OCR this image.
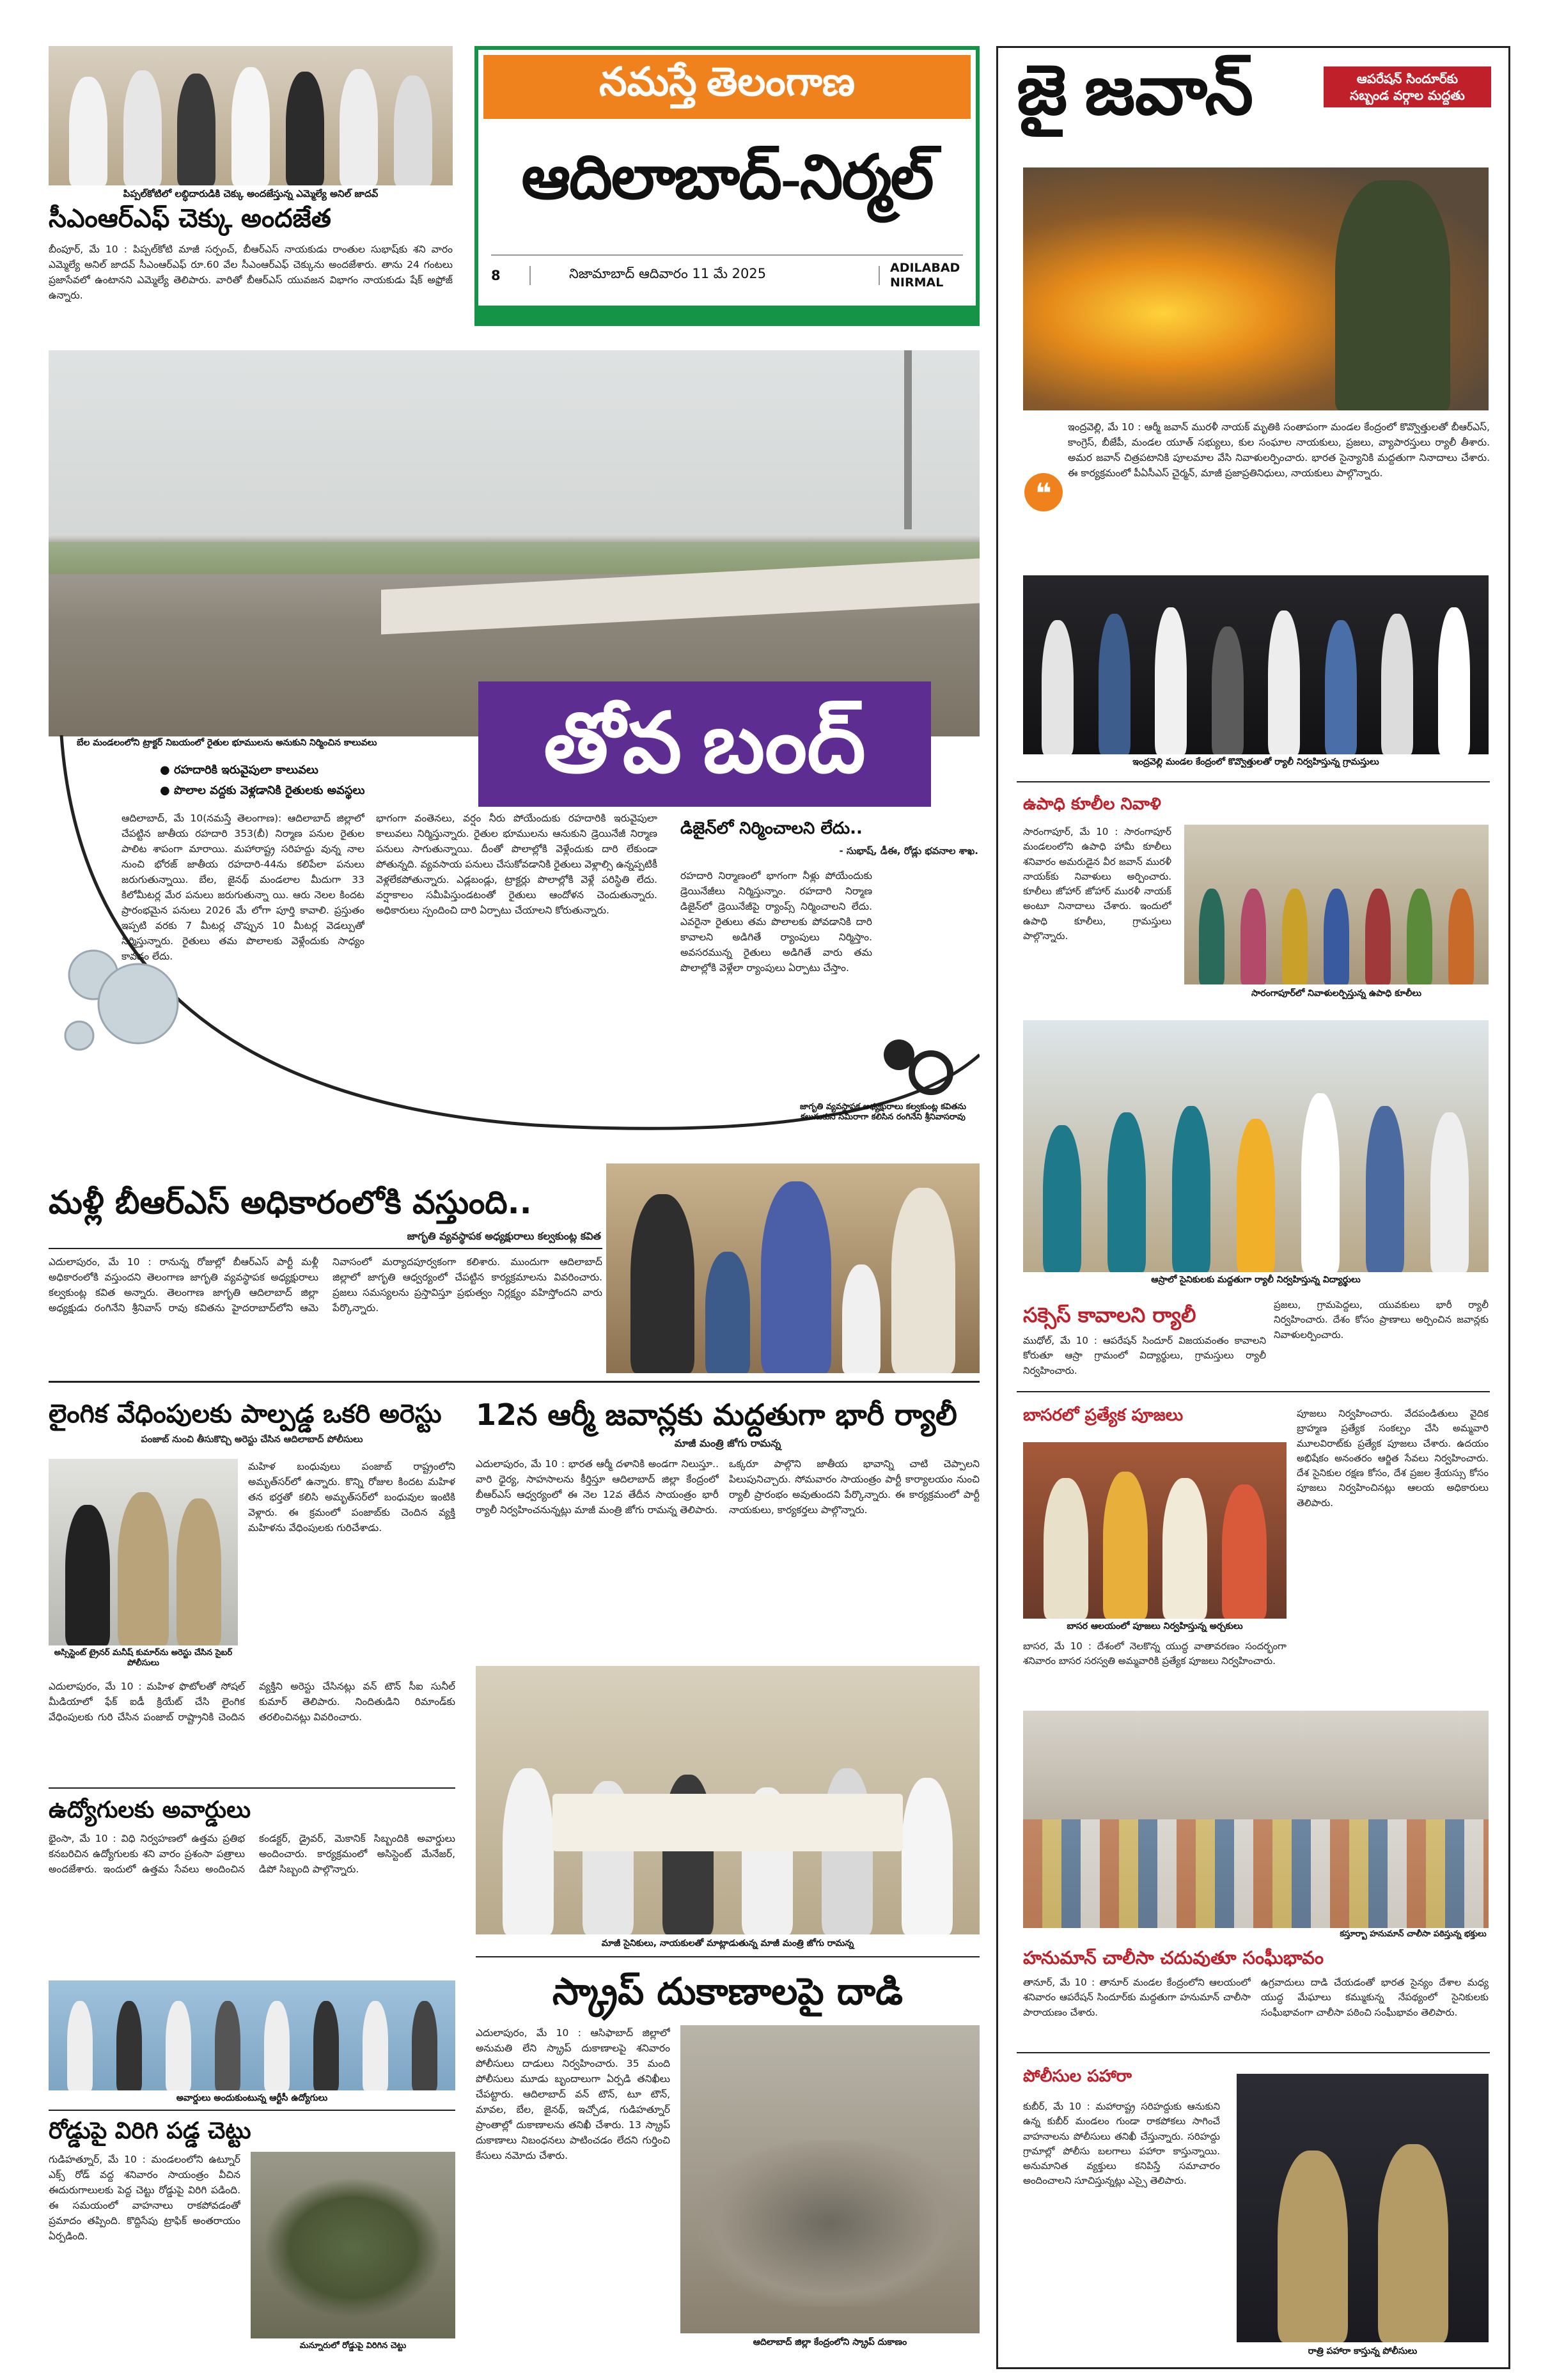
నమస్తే తెలంగాణ
ఆదిలాబాద్-నిర్మల్
8	నిజామాబాద్ ఆదివారం 11 మే 2025	ADILABAD
NIRMAL
పిప్పల్‌కోటిలో లబ్ధిదారుడికి చెక్కు అందజేస్తున్న ఎమ్మెల్యే అనిల్ జాదవ్
సీఎంఆర్‌ఎఫ్ చెక్కు అందజేత
బీంపూర్, మే 10 : పిప్పల్‌కోటి మాజీ సర్పంచ్, బీఆర్‌ఎస్ నాయకుడు రాంతుల సుభాష్‌కు శని వారం ఎమ్మెల్యే అనిల్ జాదవ్ సీఎంఆర్‌ఎఫ్ రూ.60 వేల సీఎంఆర్‌ఎఫ్ చెక్కును అందజేశారు. తాను 24 గంటలు ప్రజాసేవలో ఉంటానని ఎమ్మెల్యే తెలిపారు. వారితో బీఆర్‌ఎస్ యువజన విభాగం నాయకుడు షేక్ అఫ్రోజ్ ఉన్నారు.
బేల మండలంలోని ట్రాక్టర్ నిబయంలో రైతుల భూములను అనుకుని నిర్మించిన కాలువలు	తోవ బంద్
● రహదారికి ఇరువైపులా కాలువలు
● పొలాల వద్దకు వెళ్లడానికి రైతులకు అవస్థలు
ఆదిలాబాద్, మే 10(నమస్తే తెలంగాణ): ఆదిలాబాద్ జిల్లాలో చేపట్టిన జాతీయ రహదారి 353(బీ) నిర్మాణ పనుల రైతుల పాలిట శాపంగా మారాయి. మహారాష్ట్ర సరిహద్దు వున్న నాల నుంచి భోరజ్ జాతీయ రహదారి-44ను కలిపేలా పనులు జరుగుతున్నాయి. బేల, జైనథ్ మండలాల మీదుగా 33 కిలోమీటర్ల మేర పనులు జరుగుతున్నా యి. ఆరు నెలల కిందట ప్రారంభమైన పనులు 2026 మే లోగా పూర్తి కావాలి. ప్రస్తుతం ఇప్పటి వరకు 7 మీటర్ల చొప్పున 10 మీటర్ల వెడల్పుతో నిర్మిస్తున్నారు. రైతులు తమ పొలాలకు వెళ్లేందుకు సాధ్యం కావడం లేదు.
భాగంగా వంతెనలు, వర్షం నీరు పోయేందుకు రహదారికి ఇరువైపులా కాలువలు నిర్మిస్తున్నారు. రైతుల భూములను ఆనుకుని డ్రెయినేజీ నిర్మాణ పనులు సాగుతున్నాయి. దీంతో పొలాల్లోకి వెళ్లేందుకు దారి లేకుండా పోతున్నది. వ్యవసాయ పనులు చేసుకోవడానికి రైతులు వెళ్లాల్సి ఉన్నప్పటికీ వెళ్లలేకపోతున్నారు. ఎడ్లబండ్లు, ట్రాక్టర్లు పొలాల్లోకి వెళ్లే పరిస్థితి లేదు. వర్షాకాలం సమీపిస్తుండటంతో రైతులు ఆందోళన చెందుతున్నారు. అధికారులు స్పందించి దారి ఏర్పాటు చేయాలని కోరుతున్నారు.
డిజైన్‌లో నిర్మించాలని లేదు..
- సుభాష్, డీఈ, రోడ్లు భవనాల శాఖ.
రహదారి నిర్మాణంలో భాగంగా నీళ్లు పోయేందుకు డ్రెయినేజీలు నిర్మిస్తున్నాం. రహదారి నిర్మాణ డిజైన్‌లో డ్రెయినేజీపై ర్యాంప్స్ నిర్మించాలని లేదు. ఎవరైనా రైతులు తమ పొలాలకు పోవడానికి దారి కావాలని అడిగితే ర్యాంపులు నిర్మిస్తాం. అవసరమున్న రైతులు అడిగితే వారు తమ పొలాల్లోకి వెళ్లేలా ర్యాంపులు ఏర్పాటు చేస్తాం.
జాగృతి వ్యవస్థాపక అధ్యక్షురాలు కల్వకుంట్ల కవితను కలుసుకుని సమీరాగా కలిసిన రంగినేని శ్రీనివాసరావు
మళ్లీ బీఆర్‌ఎస్ అధికారంలోకి వస్తుంది..
జాగృతి వ్యవస్థాపక అధ్యక్షురాలు కల్వకుంట్ల కవిత
ఎదులాపురం, మే 10 : రానున్న రోజుల్లో బీఆర్‌ఎస్ పార్టీ మళ్లీ అధికారంలోకి వస్తుందని తెలంగాణ జాగృతి వ్యవస్థాపక అధ్యక్షురాలు కల్వకుంట్ల కవిత అన్నారు. తెలంగాణ జాగృతి ఆదిలాబాద్ జిల్లా అధ్యక్షుడు రంగినేని శ్రీనివాస్ రావు కవితను హైదరాబాద్‌లోని ఆమె నివాసంలో మర్యాదపూర్వకంగా కలిశారు. ముందుగా ఆదిలాబాద్ జిల్లాలో జాగృతి ఆధ్వర్యంలో చేపట్టిన కార్యక్రమాలను వివరించారు. ప్రజలు సమస్యలను ప్రస్తావిస్తూ ప్రభుత్వం నిర్లక్ష్యం వహిస్తోందని వారు పేర్కొన్నారు.
లైంగిక వేధింపులకు పాల్పడ్డ ఒకరి అరెస్టు
పంజాబ్ నుంచి తీసుకొచ్చి అరెస్టు చేసిన ఆదిలాబాద్ పోలీసులు
అస్సిస్టెంట్ ట్రైనర్ మనీష్ కుమార్‌ను అరెస్టు చేసిన సైబర్ పోలీసులు
మహిళ బంధువులు పంజాబ్ రాష్ట్రంలోని అమృత్‌సర్‌లో ఉన్నారు. కొన్ని రోజుల కిందట మహిళ తన భర్తతో కలిసి అమృత్‌సర్‌లో బంధువుల ఇంటికి వెళ్లారు. ఈ క్రమంలో పంజాబ్‌కు చెందిన వ్యక్తి మహిళను వేధింపులకు గురిచేశాడు.
ఎదులాపురం, మే 10 : మహిళ ఫొటోలతో సోషల్ మీడియాలో ఫేక్ ఐడీ క్రియేట్ చేసి లైంగిక వేధింపులకు గురి చేసిన పంజాబ్ రాష్ట్రానికి చెందిన వ్యక్తిని అరెస్టు చేసినట్లు వన్ టౌన్ సీఐ సునీల్ కుమార్ తెలిపారు. నిందితుడిని రిమాండ్‌కు తరలించినట్లు వివరించారు.
ఉద్యోగులకు అవార్డులు
భైంసా, మే 10 : విధి నిర్వహణలో ఉత్తమ ప్రతిభ కనబరిచిన ఉద్యోగులకు శని వారం ప్రశంసా పత్రాలు అందజేశారు. ఇందులో ఉత్తమ సేవలు అందించిన కండక్టర్, డ్రైవర్, మెకానిక్ సిబ్బందికి అవార్డులు అందించారు. కార్యక్రమంలో అసిస్టెంట్ మేనేజర్, డిపో సిబ్బంది పాల్గొన్నారు.
అవార్డులు అందుకుంటున్న ఆర్టీసీ ఉద్యోగులు
రోడ్డుపై విరిగి పడ్డ చెట్టు
గుడిహత్నూర్, మే 10 : మండలంలోని ఉట్నూర్ ఎక్స్ రోడ్ వద్ద శనివారం సాయంత్రం వీచిన ఈదురుగాలులకు పెద్ద చెట్టు రోడ్డుపై విరిగి పడింది. ఈ సమయంలో వాహనాలు రాకపోవడంతో ప్రమాదం తప్పింది. కొద్దిసేపు ట్రాఫిక్ అంతరాయం ఏర్పడింది.
మన్నూరులో రోడ్డుపై విరిగిన చెట్టు
12న ఆర్మీ జవాన్లకు మద్దతుగా భారీ ర్యాలీ
మాజీ మంత్రి జోగు రామన్న
ఎదులాపురం, మే 10 : భారత ఆర్మీ దళానికి అండగా నిలుస్తూ.. వారి ధైర్య, సాహసాలను కీర్తిస్తూ ఆదిలాబాద్ జిల్లా కేంద్రంలో బీఆర్‌ఎస్ ఆధ్వర్యంలో ఈ నెల 12వ తేదీన సాయంత్రం భారీ ర్యాలీ నిర్వహించనున్నట్లు మాజీ మంత్రి జోగు రామన్న తెలిపారు.
ఒక్కరూ పాల్గొని జాతీయ భావాన్ని చాటి చెప్పాలని పిలుపునిచ్చారు. సోమవారం సాయంత్రం పార్టీ కార్యాలయం నుంచి ర్యాలీ ప్రారంభం అవుతుందని పేర్కొన్నారు. ఈ కార్యక్రమంలో పార్టీ నాయకులు, కార్యకర్తలు పాల్గొన్నారు.
మాజీ సైనికులు, నాయకులతో మాట్లాడుతున్న మాజీ మంత్రి జోగు రామన్న
స్క్రాప్ దుకాణాలపై దాడి
ఎదులాపురం, మే 10 : ఆసిఫాబాద్ జిల్లాలో అనుమతి లేని స్క్రాప్ దుకాణాలపై శనివారం పోలీసులు దాడులు నిర్వహించారు. 35 మంది పోలీసులు మూడు బృందాలుగా ఏర్పడి తనిఖీలు చేపట్టారు. ఆదిలాబాద్ వన్ టౌన్, టూ టౌన్, మావల, బేల, జైనథ్, ఇచ్చోడ, గుడిహత్నూర్ ప్రాంతాల్లో దుకాణాలను తనిఖీ చేశారు. 13 స్క్రాప్ దుకాణాలు నిబంధనలు పాటించడం లేదని గుర్తించి కేసులు నమోదు చేశారు.
ఆదిలాబాద్ జిల్లా కేంద్రంలోని స్క్రాప్ దుకాణం
జై జవాన్	ఆపరేషన్ సిందూర్‌కు
సబ్బండ వర్గాల మద్దతు
❝
ఇంద్రవెల్లి, మే 10 : ఆర్మీ జవాన్ మురళీ నాయక్ మృతికి సంతాపంగా మండల కేంద్రంలో కొవ్వొత్తులతో బీఆర్‌ఎస్, కాంగ్రెస్, బీజేపీ, మండల యూత్ సభ్యులు, కుల సంఘాల నాయకులు, ప్రజలు, వ్యాపారస్తులు ర్యాలీ తీశారు. అమర జవాన్ చిత్రపటానికి పూలమాల వేసి నివాళులర్పించారు. భారత సైన్యానికి మద్దతుగా నినాదాలు చేశారు. ఈ కార్యక్రమంలో పీఏసీఎస్ చైర్మన్, మాజీ ప్రజాప్రతినిధులు, నాయకులు పాల్గొన్నారు.
ఇంద్రవెల్లి మండల కేంద్రంలో కొవ్వొత్తులతో ర్యాలీ నిర్వహిస్తున్న గ్రామస్తులు
ఉపాధి కూలీల నివాళి
సారంగాపూర్, మే 10 : సారంగాపూర్ మండలంలోని ఉపాధి హామీ కూలీలు శనివారం అమరుడైన వీర జవాన్ మురళీ నాయక్‌కు నివాళులు అర్పించారు. కూలీలు జోహార్ జోహార్ మురళీ నాయక్ అంటూ నినాదాలు చేశారు. ఇందులో ఉపాధి కూలీలు, గ్రామస్తులు పాల్గొన్నారు.
సారంగాపూర్‌లో నివాళులర్పిస్తున్న ఉపాధి కూలీలు
ఆస్రాలో సైనికులకు మద్దతుగా ర్యాలీ నిర్వహిస్తున్న విద్యార్థులు
సక్సెస్ కావాలని ర్యాలీ
ముధోల్, మే 10 : ఆపరేషన్ సిందూర్ విజయవంతం కావాలని కోరుతూ ఆస్రా గ్రామంలో విద్యార్థులు, గ్రామస్తులు ర్యాలీ నిర్వహించారు.
ప్రజలు, గ్రామపెద్దలు, యువకులు భారీ ర్యాలీ నిర్వహించారు. దేశం కోసం ప్రాణాలు అర్పించిన జవాన్లకు నివాళులర్పించారు.
బాసరలో ప్రత్యేక పూజలు
బాసర ఆలయంలో పూజలు నిర్వహిస్తున్న అర్చకులు
బాసర, మే 10 : దేశంలో నెలకొన్న యుద్ధ వాతావరణం సందర్భంగా శనివారం బాసర సరస్వతి అమ్మవారికి ప్రత్యేక పూజలు నిర్వహించారు.
పూజలు నిర్వహించారు. వేదపండితులు వైదిక బ్రాహ్మణ ప్రత్యేక సంకల్పం చేసి అమ్మవారి మూలవిరాట్‌కు ప్రత్యేక పూజలు చేశారు. ఉదయం అభిషేకం అనంతరం ఆర్జిత సేవలు నిర్వహించారు. దేశ సైనికుల రక్షణ కోసం, దేశ ప్రజల శ్రేయస్సు కోసం పూజలు నిర్వహించినట్లు ఆలయ అధికారులు తెలిపారు.
కస్తూర్బా హనుమాన్ చాలీసా పఠిస్తున్న భక్తులు
హనుమాన్ చాలీసా చదువుతూ సంఘీభావం
తానూర్, మే 10 : తానూర్ మండల కేంద్రంలోని ఆలయంలో శనివారం ఆపరేషన్ సిందూర్‌కు మద్దతుగా హనుమాన్ చాలీసా పారాయణం చేశారు.
ఉగ్రవాదులు దాడి చేయడంతో భారత సైన్యం దేశాల మధ్య యుద్ధ మేఘాలు కమ్ముకున్న నేపథ్యంలో సైనికులకు సంఘీభావంగా చాలీసా పఠించి సంఘీభావం తెలిపారు.
పోలీసుల పహారా
కుబీర్, మే 10 : మహారాష్ట్ర సరిహద్దుకు ఆనుకుని ఉన్న కుబీర్ మండలం గుండా రాకపోకలు సాగించే వాహనాలను పోలీసులు తనిఖీ చేస్తున్నారు. సరిహద్దు గ్రామాల్లో పోలీసు బలగాలు పహారా కాస్తున్నాయి. అనుమానిత వ్యక్తులు కనిపిస్తే సమాచారం అందించాలని సూచిస్తున్నట్లు ఎస్సై తెలిపారు.
రాత్రి పహారా కాస్తున్న పోలీసులు
